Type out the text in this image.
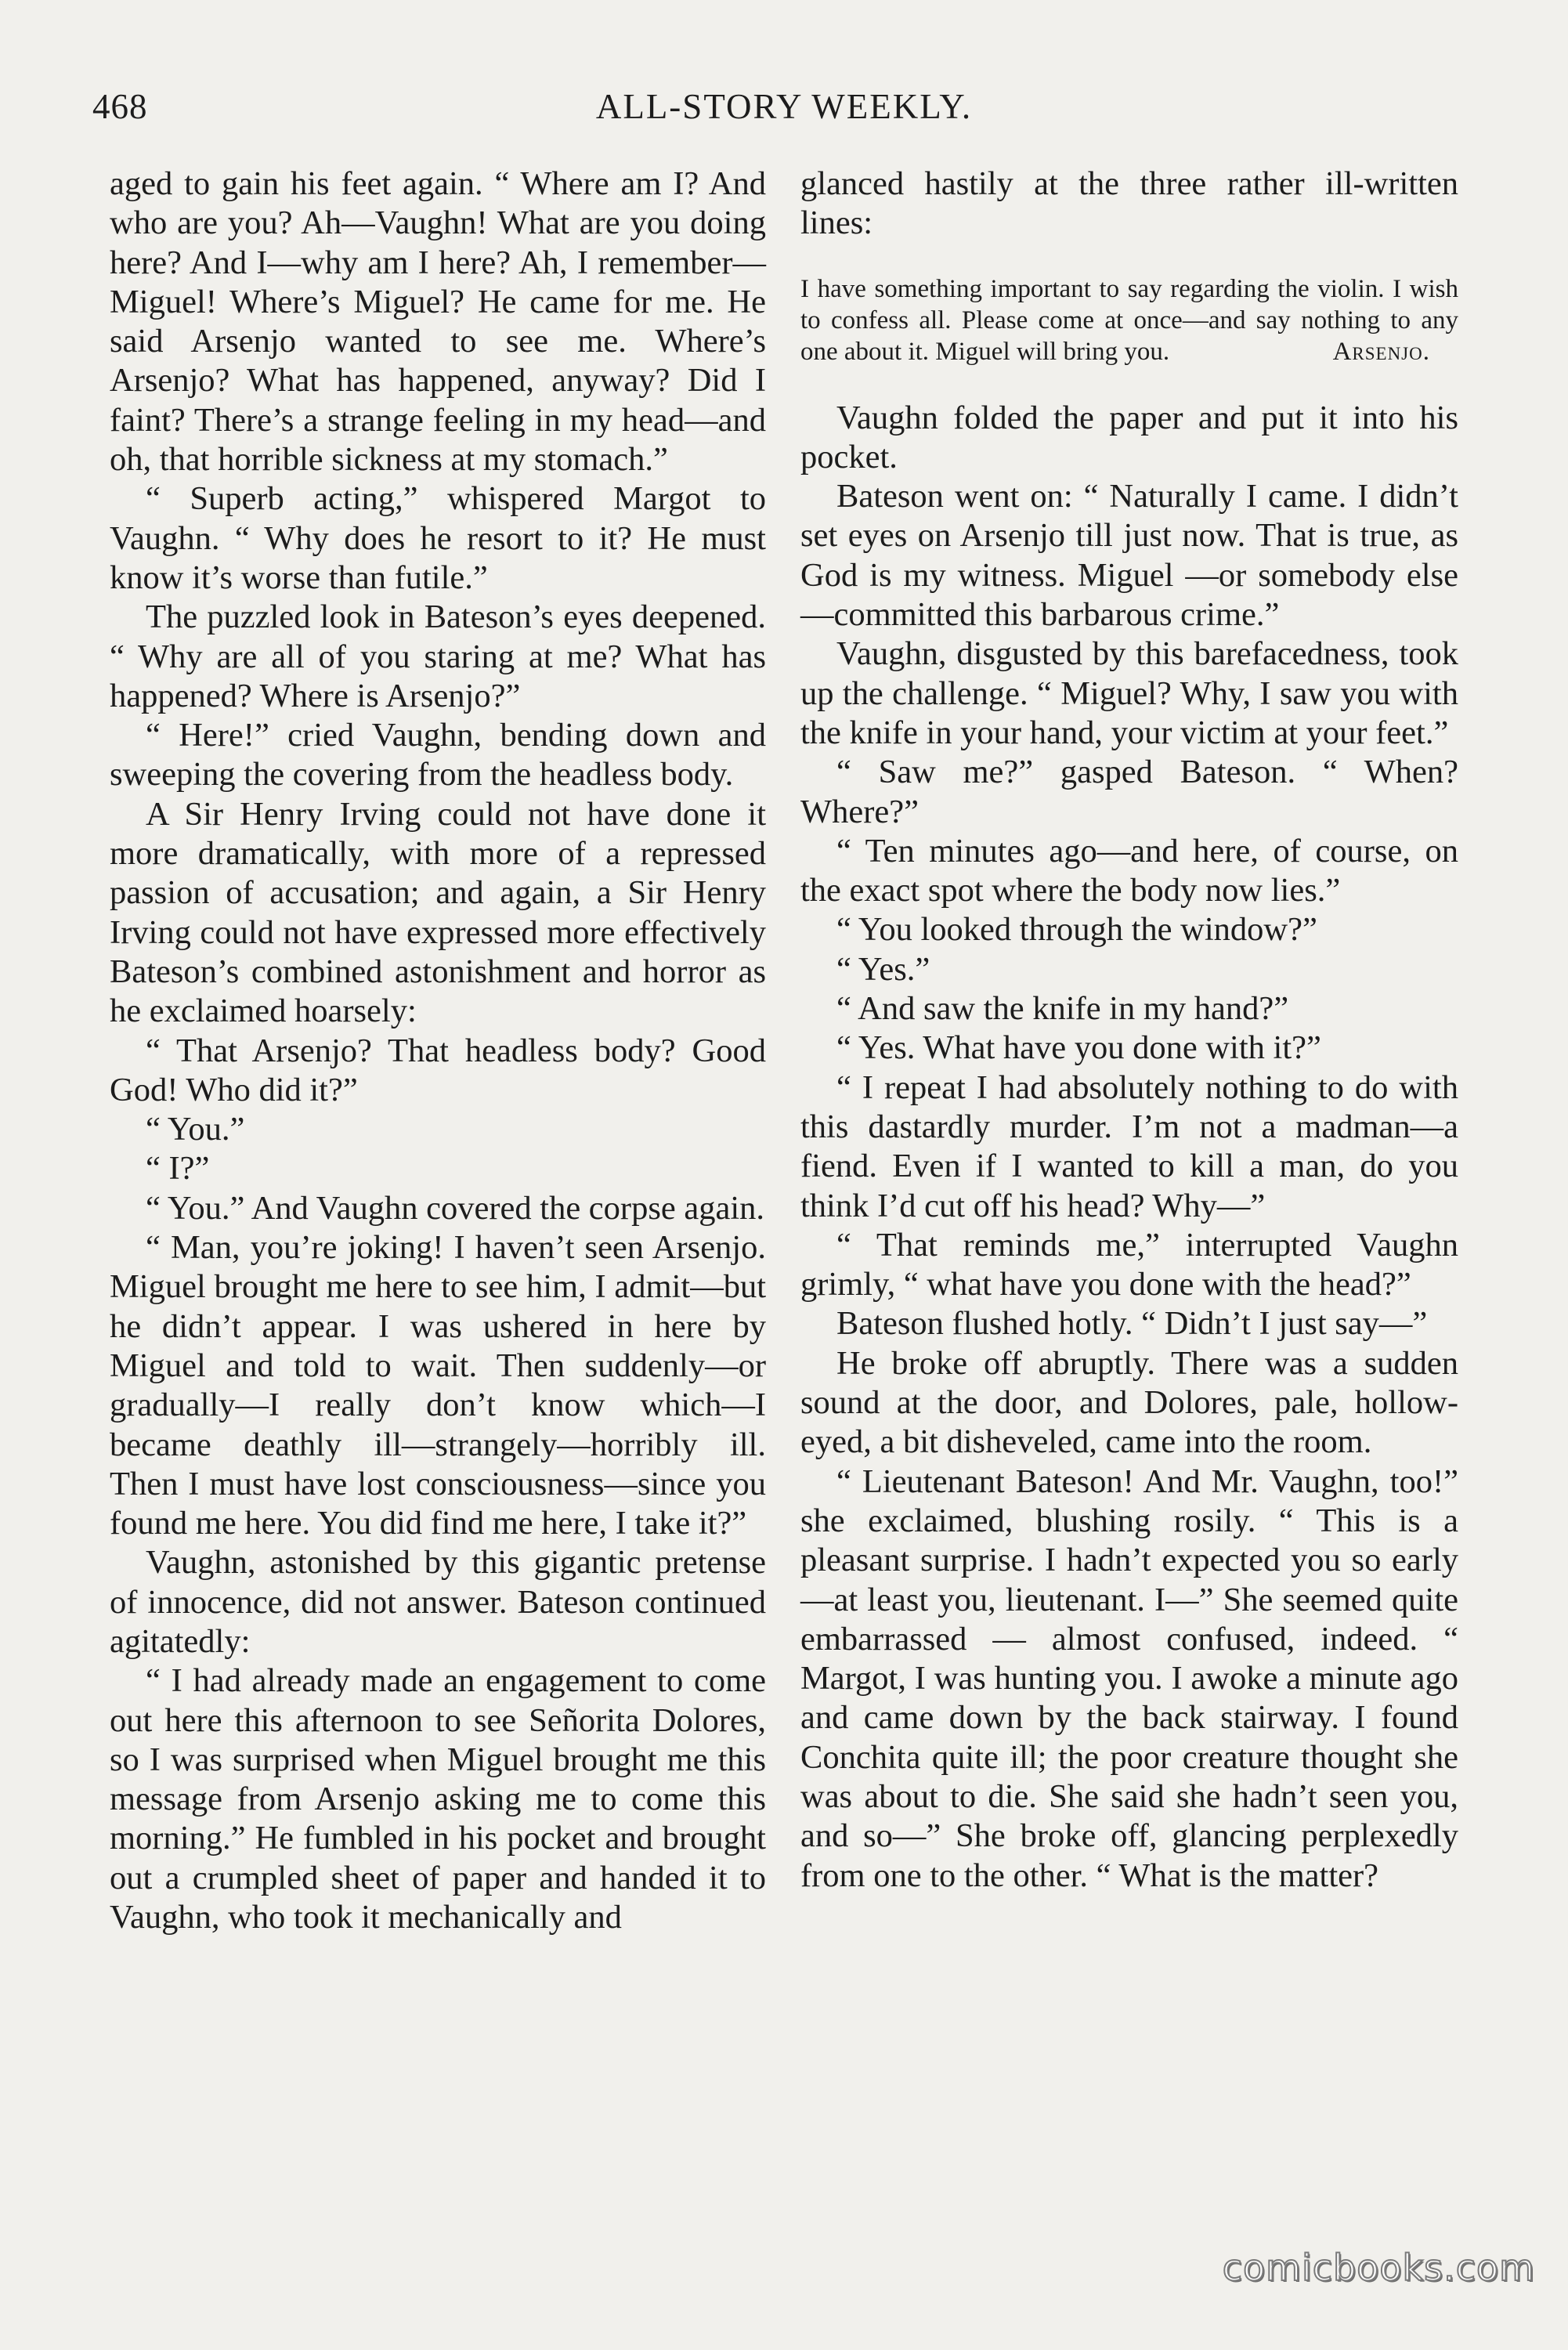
468	ALL-STORY WEEKLY.

aged to gain his feet again. “ Where am I? And who are you? Ah—Vaughn! What are you doing here? And I—why am I here? Ah, I remember—Miguel! Where’s Miguel? He came for me. He said Arsenjo wanted to see me. Where’s Arsenjo? What has happened, anyway? Did I faint? There’s a strange feeling in my head—and oh, that horrible sickness at my stomach.”

“ Superb acting,” whispered Margot to Vaughn. “ Why does he resort to it? He must know it’s worse than futile.”

The puzzled look in Bateson’s eyes deepened. “ Why are all of you staring at me? What has happened? Where is Arsenjo?”

“ Here!” cried Vaughn, bending down and sweeping the covering from the headless body.

A Sir Henry Irving could not have done it more dramatically, with more of a repressed passion of accusation; and again, a Sir Henry Irving could not have expressed more effectively Bateson’s combined astonishment and horror as he exclaimed hoarsely:

“ That Arsenjo? That headless body? Good God! Who did it?”

“ You.”

“ I?”

“ You.” And Vaughn covered the corpse again.

“ Man, you’re joking! I haven’t seen Arsenjo. Miguel brought me here to see him, I admit—but he didn’t appear. I was ushered in here by Miguel and told to wait. Then suddenly—or gradually—I really don’t know which—I became deathly ill—strangely—horribly ill. Then I must have lost consciousness—since you found me here. You did find me here, I take it?”

Vaughn, astonished by this gigantic pretense of innocence, did not answer. Bateson continued agitatedly:

“ I had already made an engagement to come out here this afternoon to see Señorita Dolores, so I was surprised when Miguel brought me this message from Arsenjo asking me to come this morning.” He fumbled in his pocket and brought out a crumpled sheet of paper and handed it to Vaughn, who took it mechanically and

glanced hastily at the three rather ill-written lines:

I have something important to say regarding the violin. I wish to confess all. Please come at once—and say nothing to any one about it. Miguel will bring you.	Arsenjo.

Vaughn folded the paper and put it into his pocket.

Bateson went on: “ Naturally I came. I didn’t set eyes on Arsenjo till just now. That is true, as God is my witness. Miguel —or somebody else—committed this barbarous crime.”

Vaughn, disgusted by this barefacedness, took up the challenge. “ Miguel? Why, I saw you with the knife in your hand, your victim at your feet.”

“ Saw me?” gasped Bateson. “ When? Where?”

“ Ten minutes ago—and here, of course, on the exact spot where the body now lies.”

“ You looked through the window?”

“ Yes.”

“ And saw the knife in my hand?”

“ Yes. What have you done with it?”

“ I repeat I had absolutely nothing to do with this dastardly murder. I’m not a madman—a fiend. Even if I wanted to kill a man, do you think I’d cut off his head? Why—”

“ That reminds me,” interrupted Vaughn grimly, “ what have you done with the head?”

Bateson flushed hotly. “ Didn’t I just say—”

He broke off abruptly. There was a sudden sound at the door, and Dolores, pale, hollow-eyed, a bit disheveled, came into the room.

“ Lieutenant Bateson! And Mr. Vaughn, too!” she exclaimed, blushing rosily. “ This is a pleasant surprise. I hadn’t expected you so early—at least you, lieutenant. I—” She seemed quite embarrassed — almost confused, indeed. “ Margot, I was hunting you. I awoke a minute ago and came down by the back stairway. I found Conchita quite ill; the poor creature thought she was about to die. She said she hadn’t seen you, and so—” She broke off, glancing perplexedly from one to the other. “ What is the matter?

comicbooks.com
